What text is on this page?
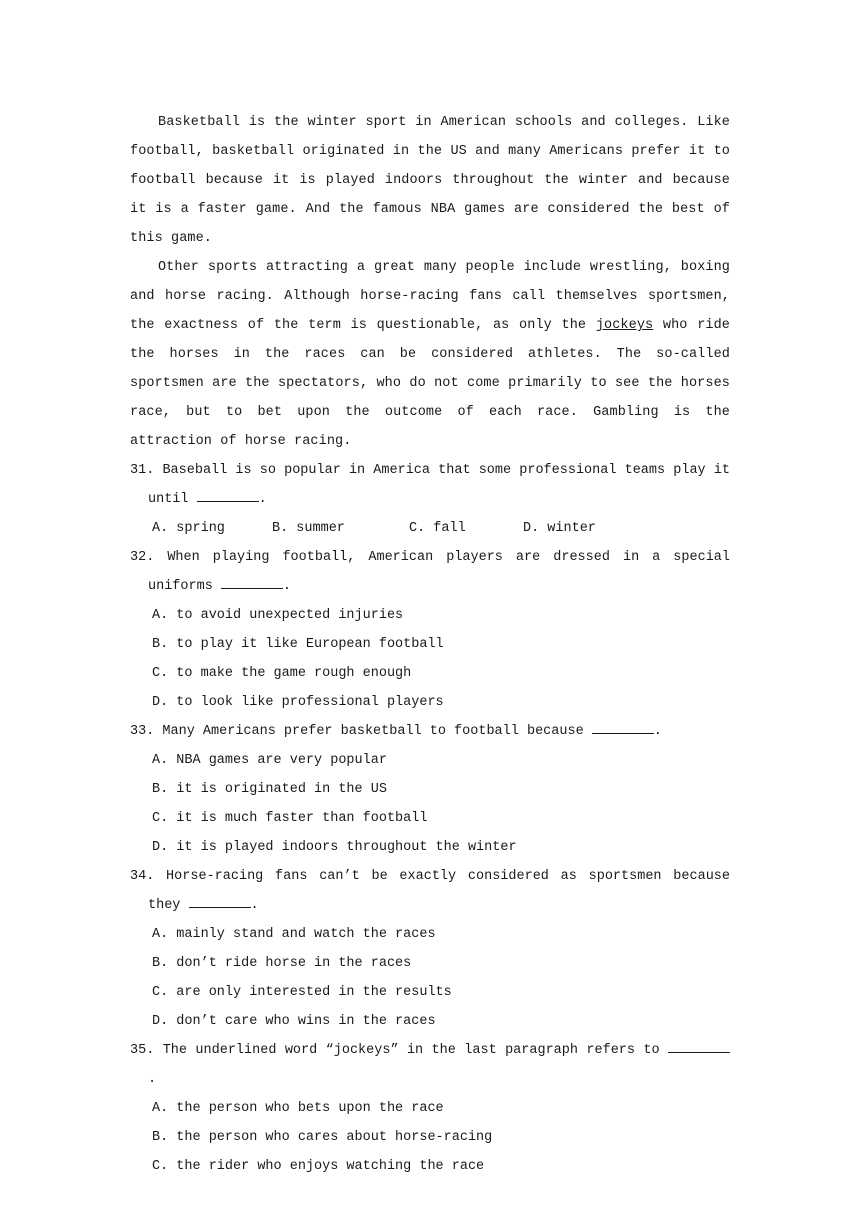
Basketball is the winter sport in American schools and colleges. Like football, basketball originated in the US and many Americans prefer it to football because it is played indoors throughout the winter and because it is a faster game. And the famous NBA games are considered the best of this game.

Other sports attracting a great many people include wrestling, boxing and horse racing. Although horse-racing fans call themselves sportsmen, the exactness of the term is questionable, as only the jockeys who ride the horses in the races can be considered athletes. The so-called sportsmen are the spectators, who do not come primarily to see the horses race, but to bet upon the outcome of each race. Gambling is the attraction of horse racing.

31. Baseball is so popular in America that some professional teams play it until	.
A. spring	B. summer	C. fall	D. winter
32. When playing football, American players are dressed in a special uniforms	.
A. to avoid unexpected injuries
B. to play it like European football
C. to make the game rough enough
D. to look like professional players
33. Many Americans prefer basketball to football because	.
A. NBA games are very popular
B. it is originated in the US
C. it is much faster than football
D. it is played indoors throughout the winter
34. Horse-racing fans can’t be exactly considered as sportsmen because they	.
A. mainly stand and watch the races
B. don’t ride horse in the races
C. are only interested in the results
D. don’t care who wins in the races
35. The underlined word “jockeys” in the last paragraph refers to .
A. the person who bets upon the race
B. the person who cares about horse-racing
C. the rider who enjoys watching the race
